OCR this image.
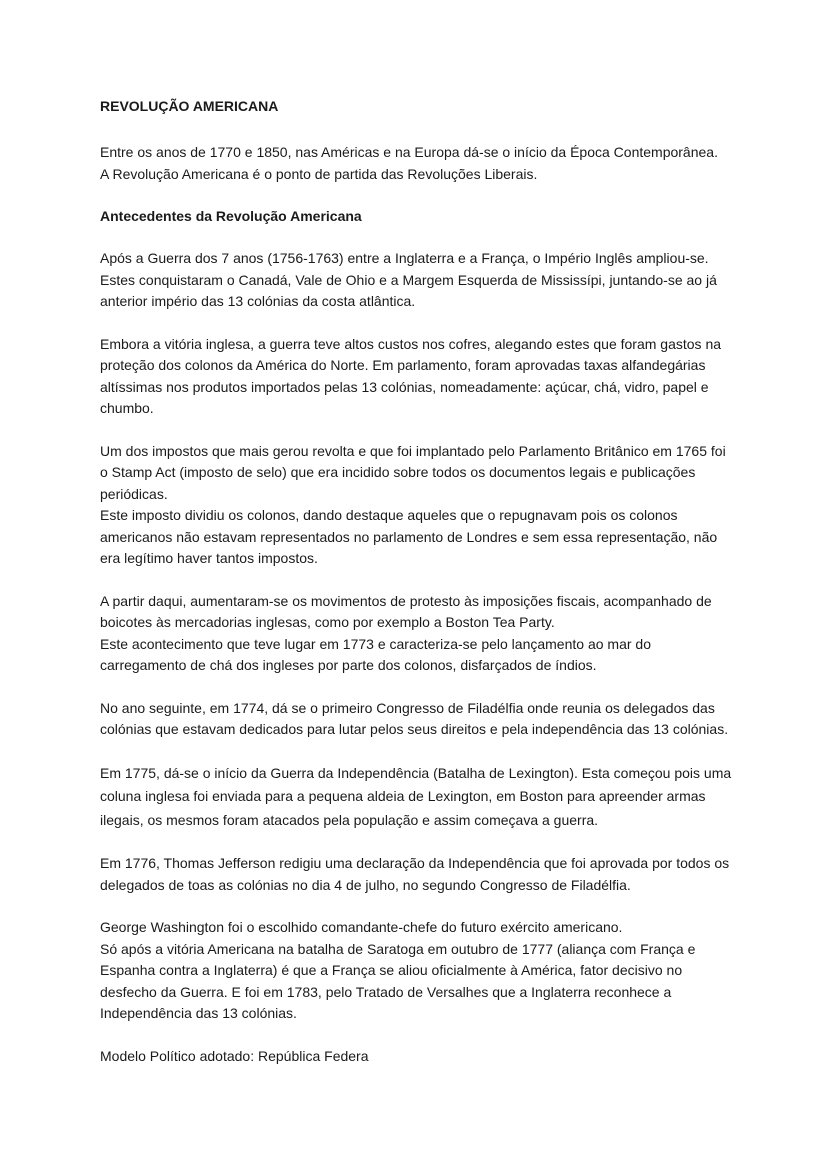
REVOLUÇÃO AMERICANA
Entre os anos de 1770 e 1850, nas Américas e na Europa dá-se o início da Época Contemporânea.
A Revolução Americana é o ponto de partida das Revoluções Liberais.
Antecedentes da Revolução Americana
Após a Guerra dos 7 anos (1756-1763) entre a Inglaterra e a França, o Império Inglês ampliou-se.
Estes conquistaram o Canadá, Vale de Ohio e a Margem Esquerda de Mississípi, juntando-se ao já
anterior império das 13 colónias da costa atlântica.
Embora a vitória inglesa, a guerra teve altos custos nos cofres, alegando estes que foram gastos na
proteção dos colonos da América do Norte. Em parlamento, foram aprovadas taxas alfandegárias
altíssimas nos produtos importados pelas 13 colónias, nomeadamente: açúcar, chá, vidro, papel e
chumbo.
Um dos impostos que mais gerou revolta e que foi implantado pelo Parlamento Britânico em 1765 foi
o Stamp Act (imposto de selo) que era incidido sobre todos os documentos legais e publicações
periódicas.
Este imposto dividiu os colonos, dando destaque aqueles que o repugnavam pois os colonos
americanos não estavam representados no parlamento de Londres e sem essa representação, não
era legítimo haver tantos impostos.
A partir daqui, aumentaram-se os movimentos de protesto às imposições fiscais, acompanhado de
boicotes às mercadorias inglesas, como por exemplo a Boston Tea Party.
Este acontecimento que teve lugar em 1773 e caracteriza-se pelo lançamento ao mar do
carregamento de chá dos ingleses por parte dos colonos, disfarçados de índios.
No ano seguinte, em 1774, dá se o primeiro Congresso de Filadélfia onde reunia os delegados das
colónias que estavam dedicados para lutar pelos seus direitos e pela independência das 13 colónias.
Em 1775, dá-se o início da Guerra da Independência (Batalha de Lexington). Esta começou pois uma
coluna inglesa foi enviada para a pequena aldeia de Lexington, em Boston para apreender armas
ilegais, os mesmos foram atacados pela população e assim começava a guerra.
Em 1776, Thomas Jefferson redigiu uma declaração da Independência que foi aprovada por todos os
delegados de toas as colónias no dia 4 de julho, no segundo Congresso de Filadélfia.
George Washington foi o escolhido comandante-chefe do futuro exército americano.
Só após a vitória Americana na batalha de Saratoga em outubro de 1777 (aliança com França e
Espanha contra a Inglaterra) é que a França se aliou oficialmente à América, fator decisivo no
desfecho da Guerra. E foi em 1783, pelo Tratado de Versalhes que a Inglaterra reconhece a
Independência das 13 colónias.
Modelo Político adotado: República Federa
